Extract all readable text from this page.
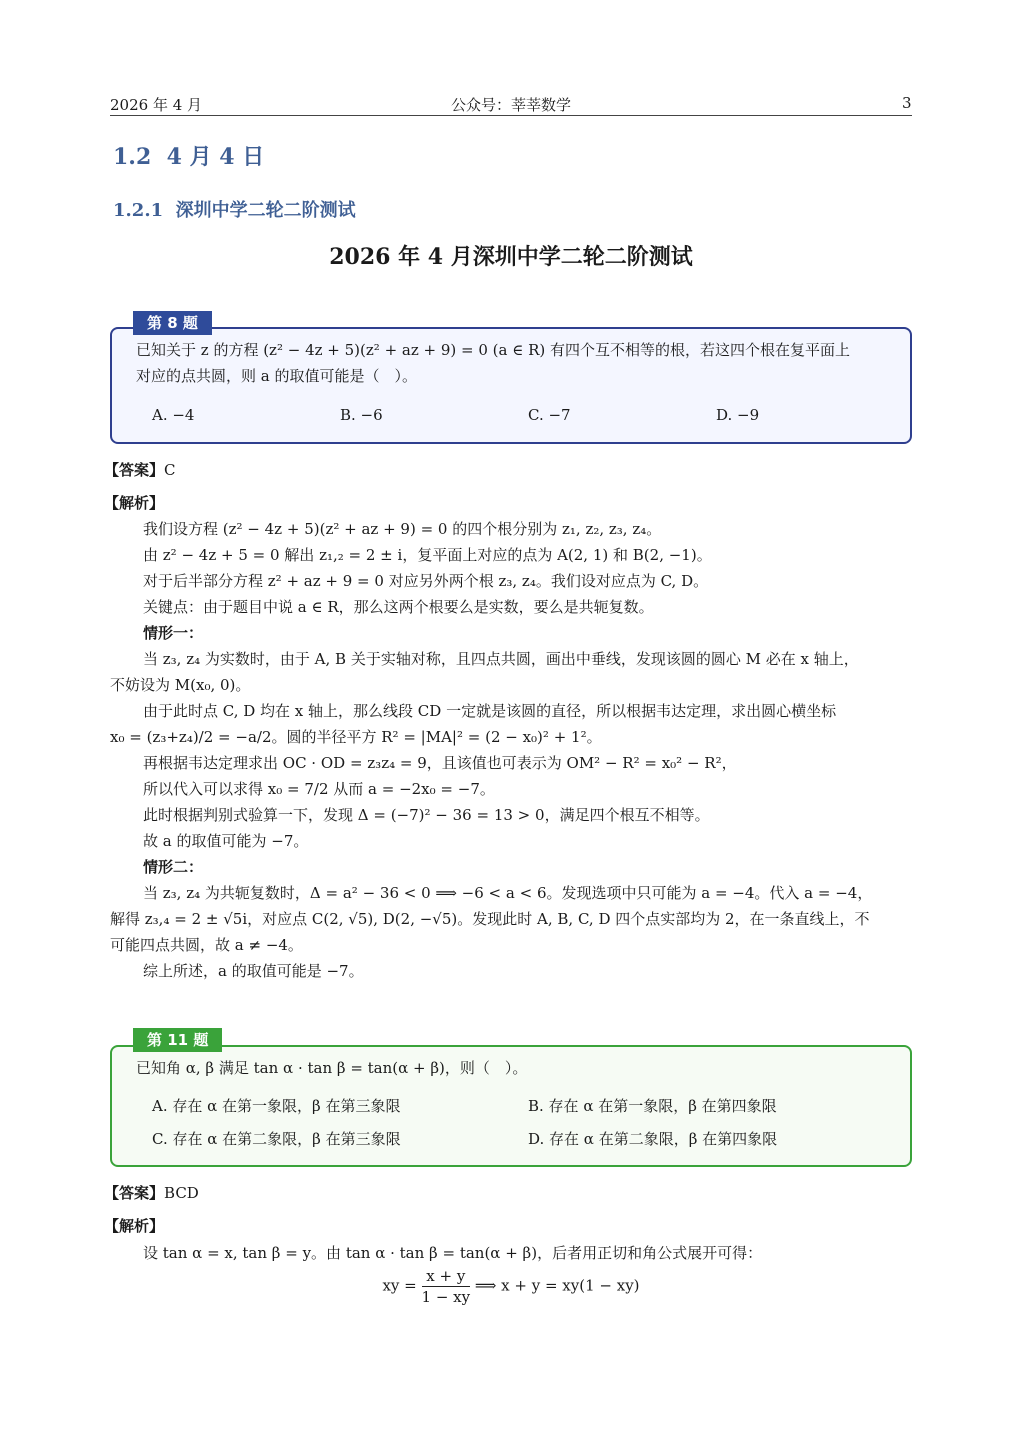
2026 年 4 月	公众号：莘莘数学	3
1.2 4 月 4 日
1.2.1 深圳中学二轮二阶测试
2026 年 4 月深圳中学二轮二阶测试
第 8 题
已知关于 z 的方程 (z² − 4z + 5)(z² + az + 9) = 0 (a ∈ R) 有四个互不相等的根，若这四个根在复平面上
对应的点共圆，则 a 的取值可能是（　）。
A. −4	B. −6	C. −7	D. −9
【答案】C
【解析】
我们设方程 (z² − 4z + 5)(z² + az + 9) = 0 的四个根分别为 z₁, z₂, z₃, z₄。
由 z² − 4z + 5 = 0 解出 z₁,₂ = 2 ± i，复平面上对应的点为 A(2, 1) 和 B(2, −1)。
对于后半部分方程 z² + az + 9 = 0 对应另外两个根 z₃, z₄。我们设对应点为 C, D。
关键点：由于题目中说 a ∈ R，那么这两个根要么是实数，要么是共轭复数。
情形一：
当 z₃, z₄ 为实数时，由于 A, B 关于实轴对称，且四点共圆，画出中垂线，发现该圆的圆心 M 必在 x 轴上，
不妨设为 M(x₀, 0)。
由于此时点 C, D 均在 x 轴上，那么线段 CD 一定就是该圆的直径，所以根据韦达定理，求出圆心横坐标
x₀ = (z₃+z₄)/2 = −a/2。圆的半径平方 R² = |MA|² = (2 − x₀)² + 1²。
再根据韦达定理求出 OC · OD = z₃z₄ = 9，且该值也可表示为 OM² − R² = x₀² − R²，
所以代入可以求得 x₀ = 7/2 从而 a = −2x₀ = −7。
此时根据判别式验算一下，发现 Δ = (−7)² − 36 = 13 > 0，满足四个根互不相等。
故 a 的取值可能为 −7。
情形二：
当 z₃, z₄ 为共轭复数时，Δ = a² − 36 < 0 ⟹ −6 < a < 6。发现选项中只可能为 a = −4。代入 a = −4，
解得 z₃,₄ = 2 ± √5i，对应点 C(2, √5), D(2, −√5)。发现此时 A, B, C, D 四个点实部均为 2，在一条直线上，不
可能四点共圆，故 a ≠ −4。
综上所述，a 的取值可能是 −7。
第 11 题
已知角 α, β 满足 tan α · tan β = tan(α + β)，则（　）。
A. 存在 α 在第一象限，β 在第三象限	B. 存在 α 在第一象限，β 在第四象限
C. 存在 α 在第二象限，β 在第三象限	D. 存在 α 在第二象限，β 在第四象限
【答案】BCD
【解析】
设 tan α = x, tan β = y。由 tan α · tan β = tan(α + β)，后者用正切和角公式展开可得：
xy = $\frac{x + y}{1 - xy}$ ⟹ x + y = xy(1 − xy)
